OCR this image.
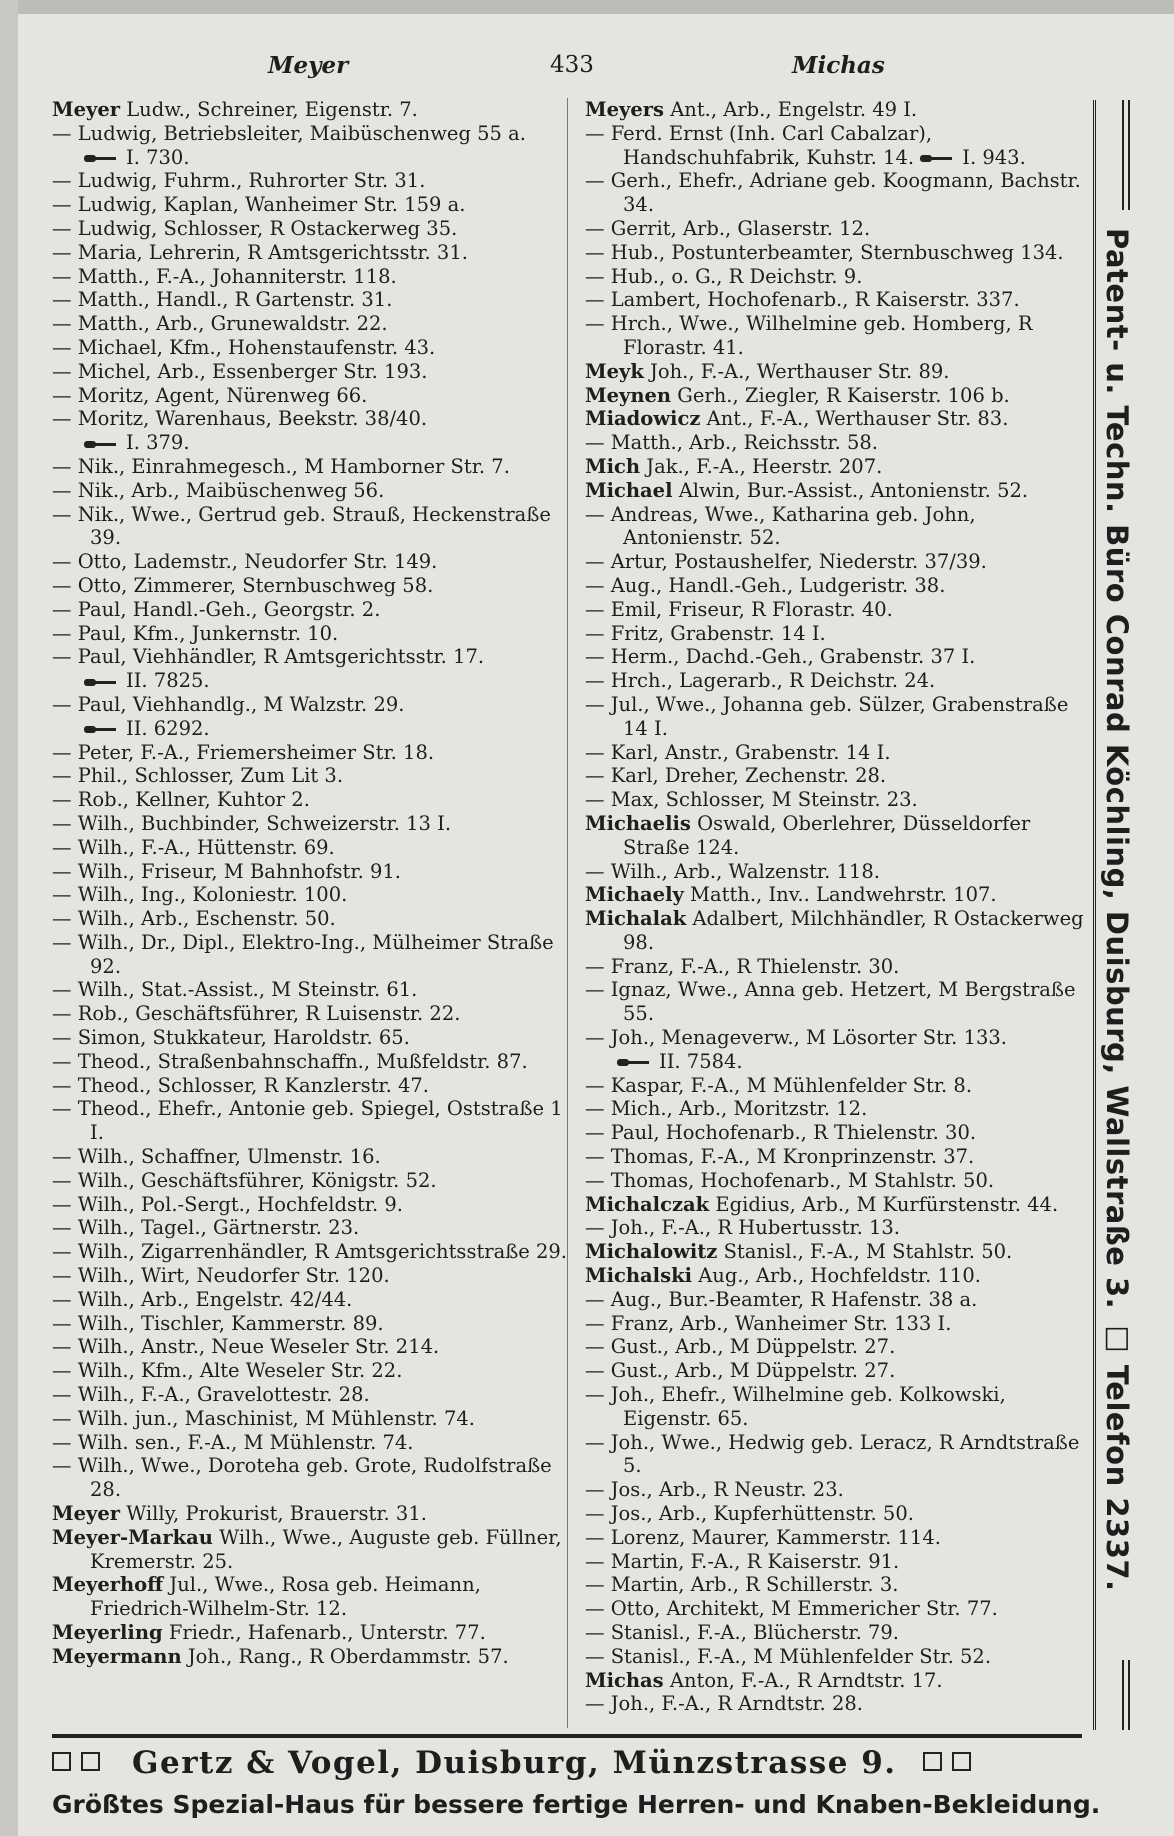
Meyer	433	Michas
Meyer Ludw., Schreiner, Eigenstr. 7.
— Ludwig, Betriebsleiter, Maibüschenweg 55 a.
I. 730.
— Ludwig, Fuhrm., Ruhrorter Str. 31.
— Ludwig, Kaplan, Wanheimer Str. 159 a.
— Ludwig, Schlosser, R Ostackerweg 35.
— Maria, Lehrerin, R Amtsgerichtsstr. 31.
— Matth., F.-A., Johanniterstr. 118.
— Matth., Handl., R Gartenstr. 31.
— Matth., Arb., Grunewaldstr. 22.
— Michael, Kfm., Hohenstaufenstr. 43.
— Michel, Arb., Essenberger Str. 193.
— Moritz, Agent, Nürenweg 66.
— Moritz, Warenhaus, Beekstr. 38/40.
I. 379.
— Nik., Einrahmegesch., M Hamborner Str. 7.
— Nik., Arb., Maibüschenweg 56.
— Nik., Wwe., Gertrud geb. Strauß, Heckenstraße 39.
— Otto, Lademstr., Neudorfer Str. 149.
— Otto, Zimmerer, Sternbuschweg 58.
— Paul, Handl.-Geh., Georgstr. 2.
— Paul, Kfm., Junkernstr. 10.
— Paul, Viehhändler, R Amtsgerichtsstr. 17.
II. 7825.
— Paul, Viehhandlg., M Walzstr. 29.
II. 6292.
— Peter, F.-A., Friemersheimer Str. 18.
— Phil., Schlosser, Zum Lit 3.
— Rob., Kellner, Kuhtor 2.
— Wilh., Buchbinder, Schweizerstr. 13 I.
— Wilh., F.-A., Hüttenstr. 69.
— Wilh., Friseur, M Bahnhofstr. 91.
— Wilh., Ing., Koloniestr. 100.
— Wilh., Arb., Eschenstr. 50.
— Wilh., Dr., Dipl., Elektro-Ing., Mülheimer Straße 92.
— Wilh., Stat.-Assist., M Steinstr. 61.
— Rob., Geschäftsführer, R Luisenstr. 22.
— Simon, Stukkateur, Haroldstr. 65.
— Theod., Straßenbahnschaffn., Mußfeldstr. 87.
— Theod., Schlosser, R Kanzlerstr. 47.
— Theod., Ehefr., Antonie geb. Spiegel, Oststraße 1 I.
— Wilh., Schaffner, Ulmenstr. 16.
— Wilh., Geschäftsführer, Königstr. 52.
— Wilh., Pol.-Sergt., Hochfeldstr. 9.
— Wilh., Tagel., Gärtnerstr. 23.
— Wilh., Zigarrenhändler, R Amtsgerichtsstraße 29.
— Wilh., Wirt, Neudorfer Str. 120.
— Wilh., Arb., Engelstr. 42/44.
— Wilh., Tischler, Kammerstr. 89.
— Wilh., Anstr., Neue Weseler Str. 214.
— Wilh., Kfm., Alte Weseler Str. 22.
— Wilh., F.-A., Gravelottestr. 28.
— Wilh. jun., Maschinist, M Mühlenstr. 74.
— Wilh. sen., F.-A., M Mühlenstr. 74.
— Wilh., Wwe., Doroteha geb. Grote, Rudolfstraße 28.
Meyer Willy, Prokurist, Brauerstr. 31.
Meyer-Markau Wilh., Wwe., Auguste geb. Füllner, Kremerstr. 25.
Meyerhoff Jul., Wwe., Rosa geb. Heimann, Friedrich-Wilhelm-Str. 12.
Meyerling Friedr., Hafenarb., Unterstr. 77.
Meyermann Joh., Rang., R Oberdammstr. 57.
Meyers Ant., Arb., Engelstr. 49 I.
— Ferd. Ernst (Inh. Carl Cabalzar), Handschuhfabrik, Kuhstr. 14. I. 943.
— Gerh., Ehefr., Adriane geb. Koogmann, Bachstr. 34.
— Gerrit, Arb., Glaserstr. 12.
— Hub., Postunterbeamter, Sternbuschweg 134.
— Hub., o. G., R Deichstr. 9.
— Lambert, Hochofenarb., R Kaiserstr. 337.
— Hrch., Wwe., Wilhelmine geb. Homberg, R Florastr. 41.
Meyk Joh., F.-A., Werthauser Str. 89.
Meynen Gerh., Ziegler, R Kaiserstr. 106 b.
Miadowicz Ant., F.-A., Werthauser Str. 83.
— Matth., Arb., Reichsstr. 58.
Mich Jak., F.-A., Heerstr. 207.
Michael Alwin, Bur.-Assist., Antonienstr. 52.
— Andreas, Wwe., Katharina geb. John, Antonienstr. 52.
— Artur, Postaushelfer, Niederstr. 37/39.
— Aug., Handl.-Geh., Ludgeristr. 38.
— Emil, Friseur, R Florastr. 40.
— Fritz, Grabenstr. 14 I.
— Herm., Dachd.-Geh., Grabenstr. 37 I.
— Hrch., Lagerarb., R Deichstr. 24.
— Jul., Wwe., Johanna geb. Sülzer, Grabenstraße 14 I.
— Karl, Anstr., Grabenstr. 14 I.
— Karl, Dreher, Zechenstr. 28.
— Max, Schlosser, M Steinstr. 23.
Michaelis Oswald, Oberlehrer, Düsseldorfer Straße 124.
— Wilh., Arb., Walzenstr. 118.
Michaely Matth., Inv.. Landwehrstr. 107.
Michalak Adalbert, Milchhändler, R Ostackerweg 98.
— Franz, F.-A., R Thielenstr. 30.
— Ignaz, Wwe., Anna geb. Hetzert, M Bergstraße 55.
— Joh., Menageverw., M Lösorter Str. 133.
II. 7584.
— Kaspar, F.-A., M Mühlenfelder Str. 8.
— Mich., Arb., Moritzstr. 12.
— Paul, Hochofenarb., R Thielenstr. 30.
— Thomas, F.-A., M Kronprinzenstr. 37.
— Thomas, Hochofenarb., M Stahlstr. 50.
Michalczak Egidius, Arb., M Kurfürstenstr. 44.
— Joh., F.-A., R Hubertusstr. 13.
Michalowitz Stanisl., F.-A., M Stahlstr. 50.
Michalski Aug., Arb., Hochfeldstr. 110.
— Aug., Bur.-Beamter, R Hafenstr. 38 a.
— Franz, Arb., Wanheimer Str. 133 I.
— Gust., Arb., M Düppelstr. 27.
— Gust., Arb., M Düppelstr. 27.
— Joh., Ehefr., Wilhelmine geb. Kolkowski, Eigenstr. 65.
— Joh., Wwe., Hedwig geb. Leracz, R Arndtstraße 5.
— Jos., Arb., R Neustr. 23.
— Jos., Arb., Kupferhüttenstr. 50.
— Lorenz, Maurer, Kammerstr. 114.
— Martin, F.-A., R Kaiserstr. 91.
— Martin, Arb., R Schillerstr. 3.
— Otto, Architekt, M Emmericher Str. 77.
— Stanisl., F.-A., Blücherstr. 79.
— Stanisl., F.-A., M Mühlenfelder Str. 52.
Michas Anton, F.-A., R Arndtstr. 17.
— Joh., F.-A., R Arndtstr. 28.
Patent- u. Techn. Büro Conrad Köchling, Duisburg, Wallstraße 3. □ Telefon 2337.
Gertz & Vogel, Duisburg, Münzstrasse 9.
Größtes Spezial-Haus für bessere fertige Herren- und Knaben-Bekleidung.
